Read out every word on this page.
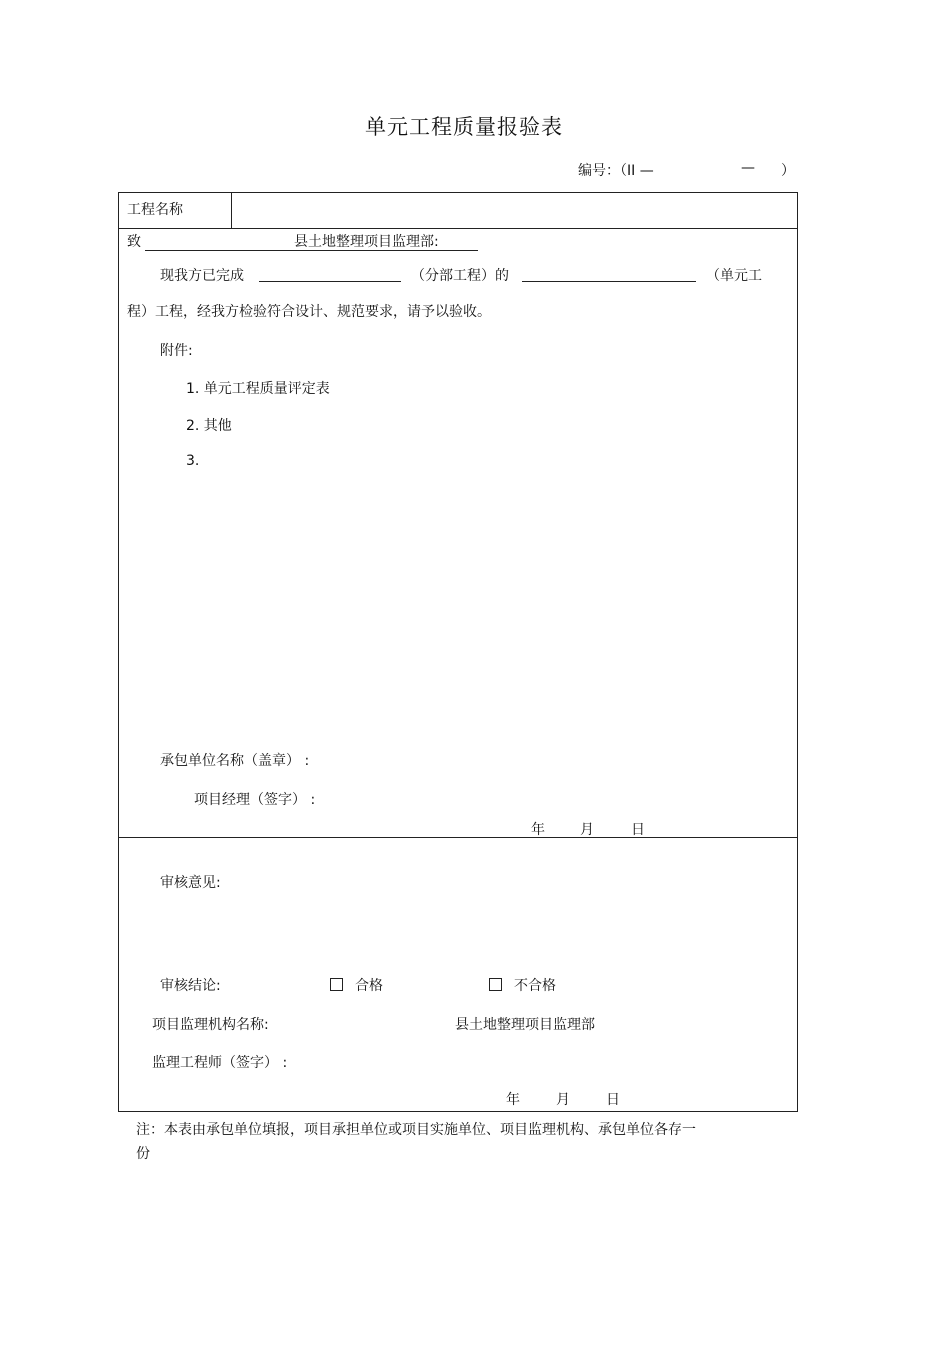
单元工程质量报验表
编号：（II —	— ）
工程名称
致	县土地整理项目监理部:
现我方已完成	（分部工程）的	（单元工
程）工程，经我方检验符合设计、规范要求，请予以验收。
附件:
1. 单元工程质量评定表
2. 其他
3.
承包单位名称（盖章） :
项目经理（签字） :
年	月	日
审核意见:
审核结论:	合格	不合格
项目监理机构名称:	县土地整理项目监理部
监理工程师（签字） :
年	月	日
注：本表由承包单位填报，项目承担单位或项目实施单位、项目监理机构、承包单位各存一
份
